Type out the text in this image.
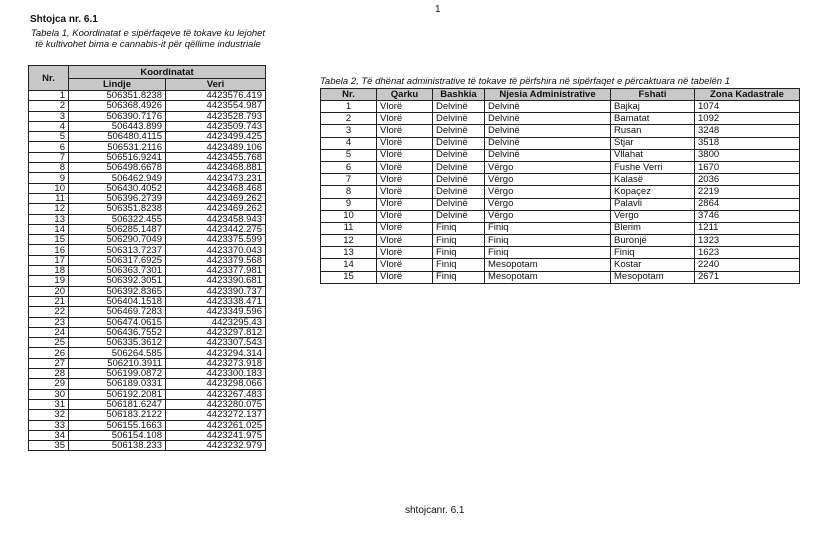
1
Shtojca nr. 6.1
Tabela 1, Koordinatat e sipërfaqeve të tokave ku lejohet të kultivohet bima e cannabis-it për qëllime industriale
Nr.	Koordinatat	
	Lindje	Veri
1	506351.8238	4423576.419
2	506368.4926	4423554.987
3	506390.7176	4423528.793
4	506443.899	4423509.743
5	506480.4115	4423499.425
6	506531.2116	4423489.106
7	506516.9241	4423455.768
8	506498.6678	4423468.881
9	506462.949	4423473.231
10	506430.4052	4423468.468
11	506396.2739	4423469.262
12	506351.8238	4423469.262
13	506322.455	4423458.943
14	506285.1487	4423442.275
15	506290.7049	4423375.599
16	506313.7237	4423370.043
17	506317.6925	4423379.568
18	506363.7301	4423377.981
19	506392.3051	4423390.681
20	506392.8365	4423390.737
21	506404.1518	4423338.471
22	506469.7283	4423349.596
23	506474.0615	4423295.43
24	506436.7552	4423297.812
25	506335.3612	4423307.543
26	506264.585	4423294.314
27	506210.3911	4423273.918
28	506199.0872	4423300.183
29	506189.0331	4423298.066
30	506192.2081	4423267.483
31	506181.6247	4423280.075
32	506183.2122	4423272.137
33	506155.1663	4423261.025
34	506154.108	4423241.975
35	506138.233	4423232.979
Tabela 2, Të dhënat administrative të tokave të përfshira në sipërfaqet e përcaktuara në tabelën 1
Nr.	Qarku	Bashkia	Njesia Administrative	Fshati	Zona Kadastrale
1	Vlorë	Delvinë	Delvinë	Bajkaj	1074
2	Vlorë	Delvinë	Delvinë	Bamatat	1092
3	Vlorë	Delvinë	Delvinë	Rusan	3248
4	Vlorë	Delvinë	Delvinë	Stjar	3518
5	Vlorë	Delvinë	Delvinë	Vllahat	3800
6	Vlorë	Delvinë	Vërgo	Fushe Verri	1670
7	Vlorë	Delvinë	Vërgo	Kalasë	2036
8	Vlorë	Delvinë	Vërgo	Kopaçez	2219
9	Vlorë	Delvinë	Vërgo	Palavli	2864
10	Vlorë	Delvinë	Vërgo	Vergo	3746
11	Vlorë	Finiq	Finiq	Blerim	1211
12	Vlorë	Finiq	Finiq	Buronjë	1323
13	Vlorë	Finiq	Finiq	Finiq	1623
14	Vlorë	Finiq	Mesopotam	Kostar	2240
15	Vlorë	Finiq	Mesopotam	Mesopotam	2671
shtojcanr. 6.1
